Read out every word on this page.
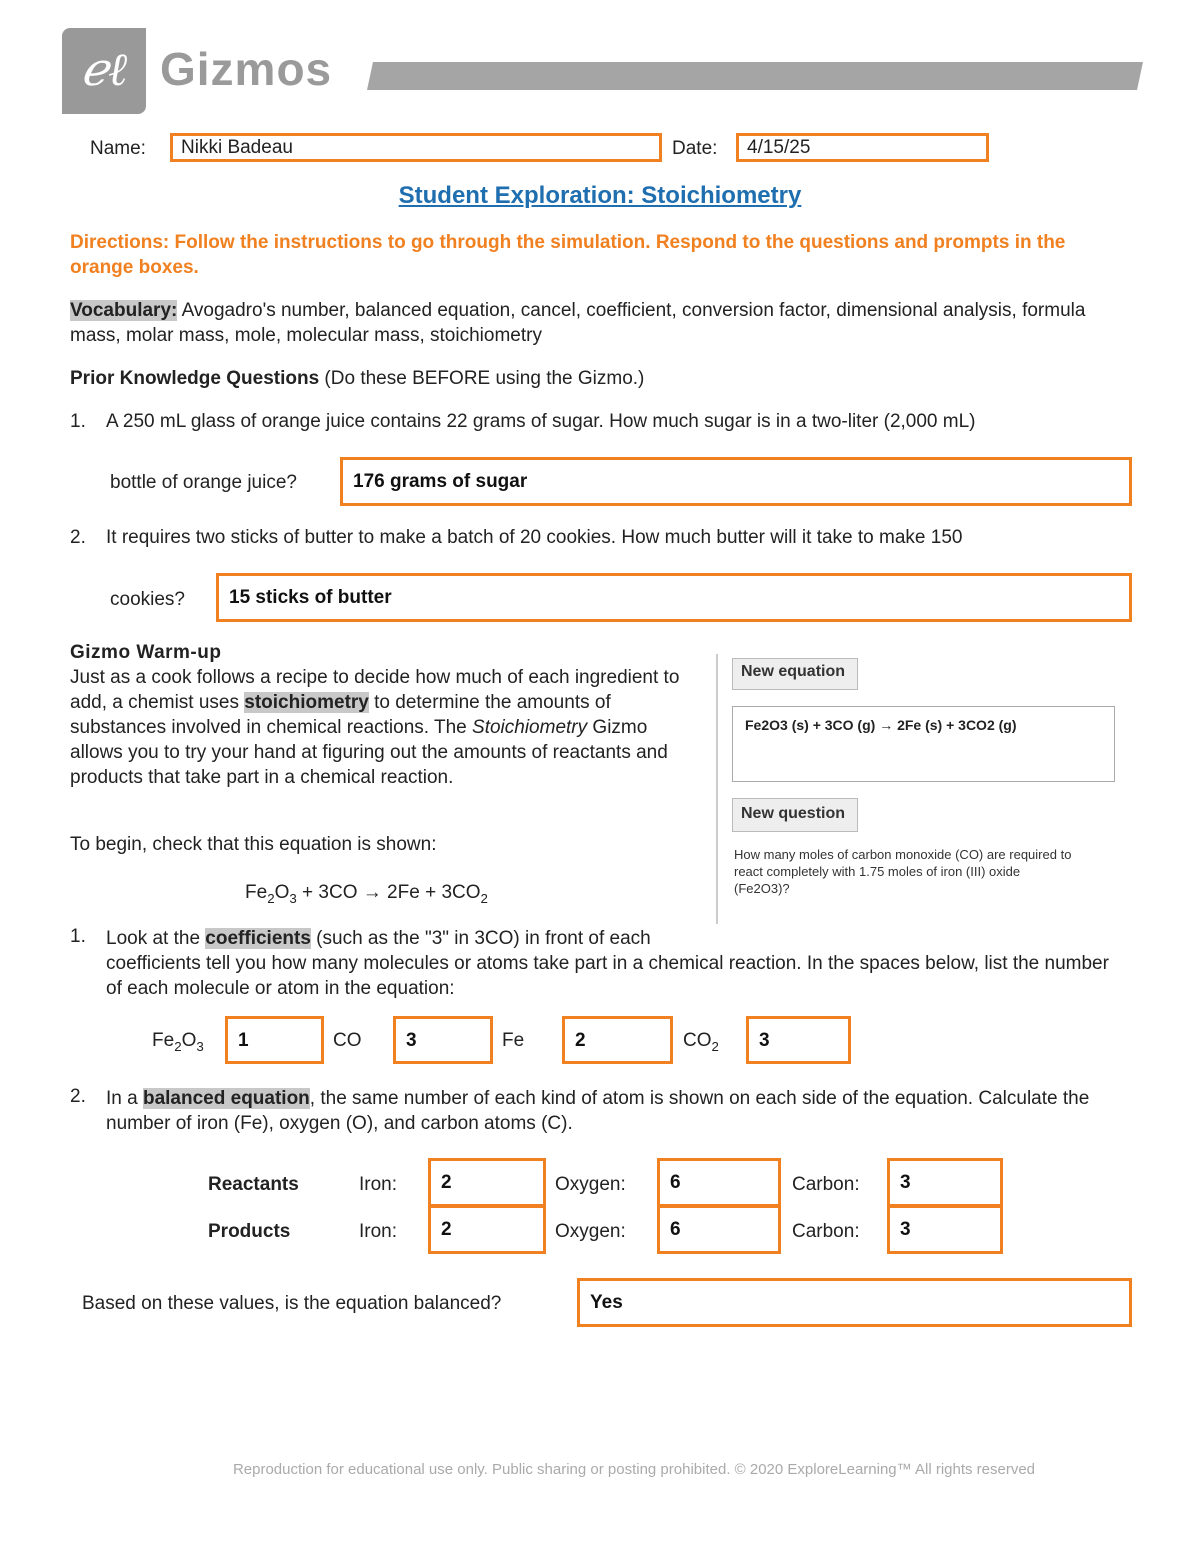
ℯℓ Gizmos
Name:	Nikki Badeau	Date:	4/15/25
Student Exploration: Stoichiometry
Directions: Follow the instructions to go through the simulation. Respond to the questions and prompts in the orange boxes.
Vocabulary: Avogadro's number, balanced equation, cancel, coefficient, conversion factor, dimensional analysis, formula mass, molar mass, mole, molecular mass, stoichiometry
Prior Knowledge Questions (Do these BEFORE using the Gizmo.)
1. A 250 mL glass of orange juice contains 22 grams of sugar. How much sugar is in a two-liter (2,000 mL)
bottle of orange juice?	176 grams of sugar
2. It requires two sticks of butter to make a batch of 20 cookies. How much butter will it take to make 150
cookies?	15 sticks of butter
Gizmo Warm-up
Just as a cook follows a recipe to decide how much of each ingredient to add, a chemist uses stoichiometry to determine the amounts of substances involved in chemical reactions. The Stoichiometry Gizmo allows you to try your hand at figuring out the amounts of reactants and products that take part in a chemical reaction.
To begin, check that this equation is shown:
$Fe_2O_3 + 3CO \to 2Fe + 3CO_2$
New equation
Fe2O3 (s) + 3CO (g) → 2Fe (s) + 3CO2 (g)
New question
How many moles of carbon monoxide (CO) are required to react completely with 1.75 moles of iron (III) oxide (Fe2O3)?
1. Look at the coefficients (such as the "3" in 3CO) in front of each
coefficients tell you how many molecules or atoms take part in a chemical reaction. In the spaces below, list the number of each molecule or atom in the equation:
$Fe_2O_3$	1	CO	3	Fe	2	$CO_2$	3
2. In a balanced equation, the same number of each kind of atom is shown on each side of the equation. Calculate the number of iron (Fe), oxygen (O), and carbon atoms (C).
Reactants	Iron:	2	Oxygen:	6	Carbon:	3
Products	Iron:	2	Oxygen:	6	Carbon:	3
Based on these values, is the equation balanced?	Yes
Reproduction for educational use only. Public sharing or posting prohibited. © 2020 ExploreLearning™ All rights reserved
